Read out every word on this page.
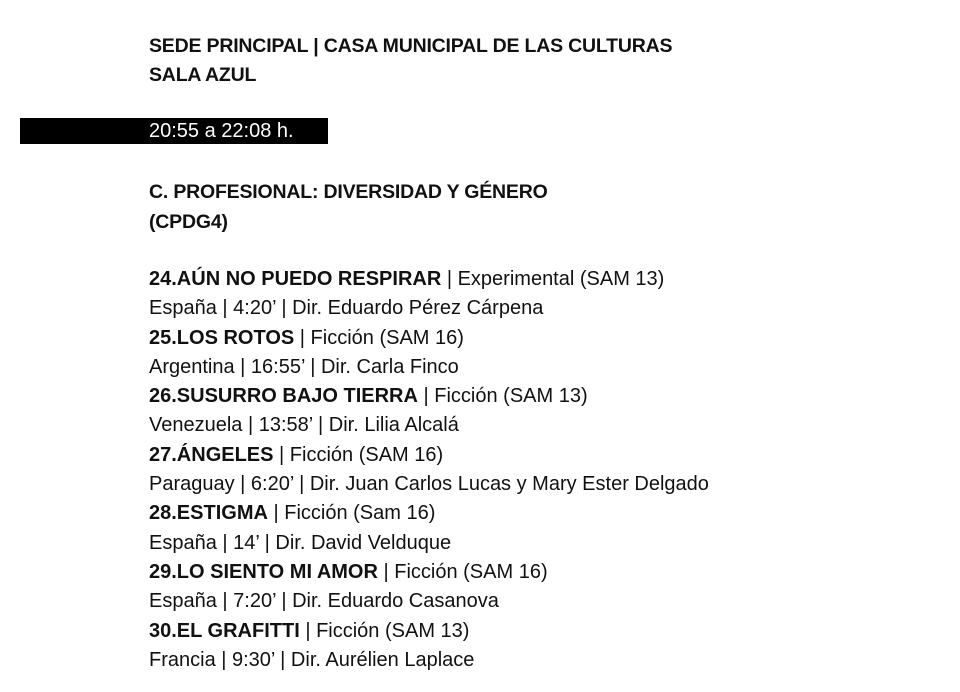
SEDE PRINCIPAL | CASA MUNICIPAL DE LAS CULTURAS
SALA AZUL
20:55 a 22:08 h.
C. PROFESIONAL: DIVERSIDAD Y GÉNERO
(CPDG4)
24.AÚN NO PUEDO RESPIRAR | Experimental (SAM 13)
España | 4:20’ | Dir. Eduardo Pérez Cárpena
25.LOS ROTOS | Ficción (SAM 16)
Argentina | 16:55’ | Dir. Carla Finco
26.SUSURRO BAJO TIERRA | Ficción (SAM 13)
Venezuela | 13:58’ | Dir. Lilia Alcalá
27.ÁNGELES | Ficción (SAM 16)
Paraguay | 6:20’ | Dir. Juan Carlos Lucas y Mary Ester Delgado
28.ESTIGMA | Ficción (Sam 16)
España | 14’ | Dir. David Velduque
29.LO SIENTO MI AMOR | Ficción (SAM 16)
España | 7:20’ | Dir. Eduardo Casanova
30.EL GRAFITTI | Ficción (SAM 13)
Francia | 9:30’ | Dir. Aurélien Laplace
